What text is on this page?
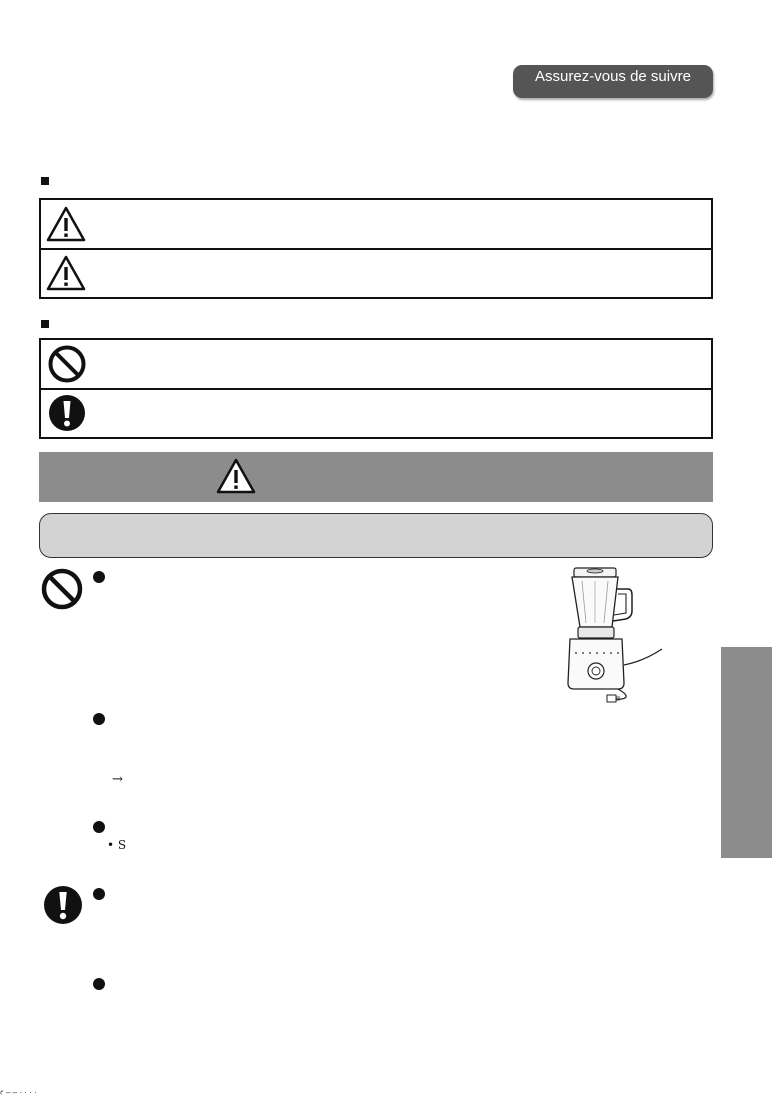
Assurez-vous de suivre
→
• S
ꜥ – – · · · ·
